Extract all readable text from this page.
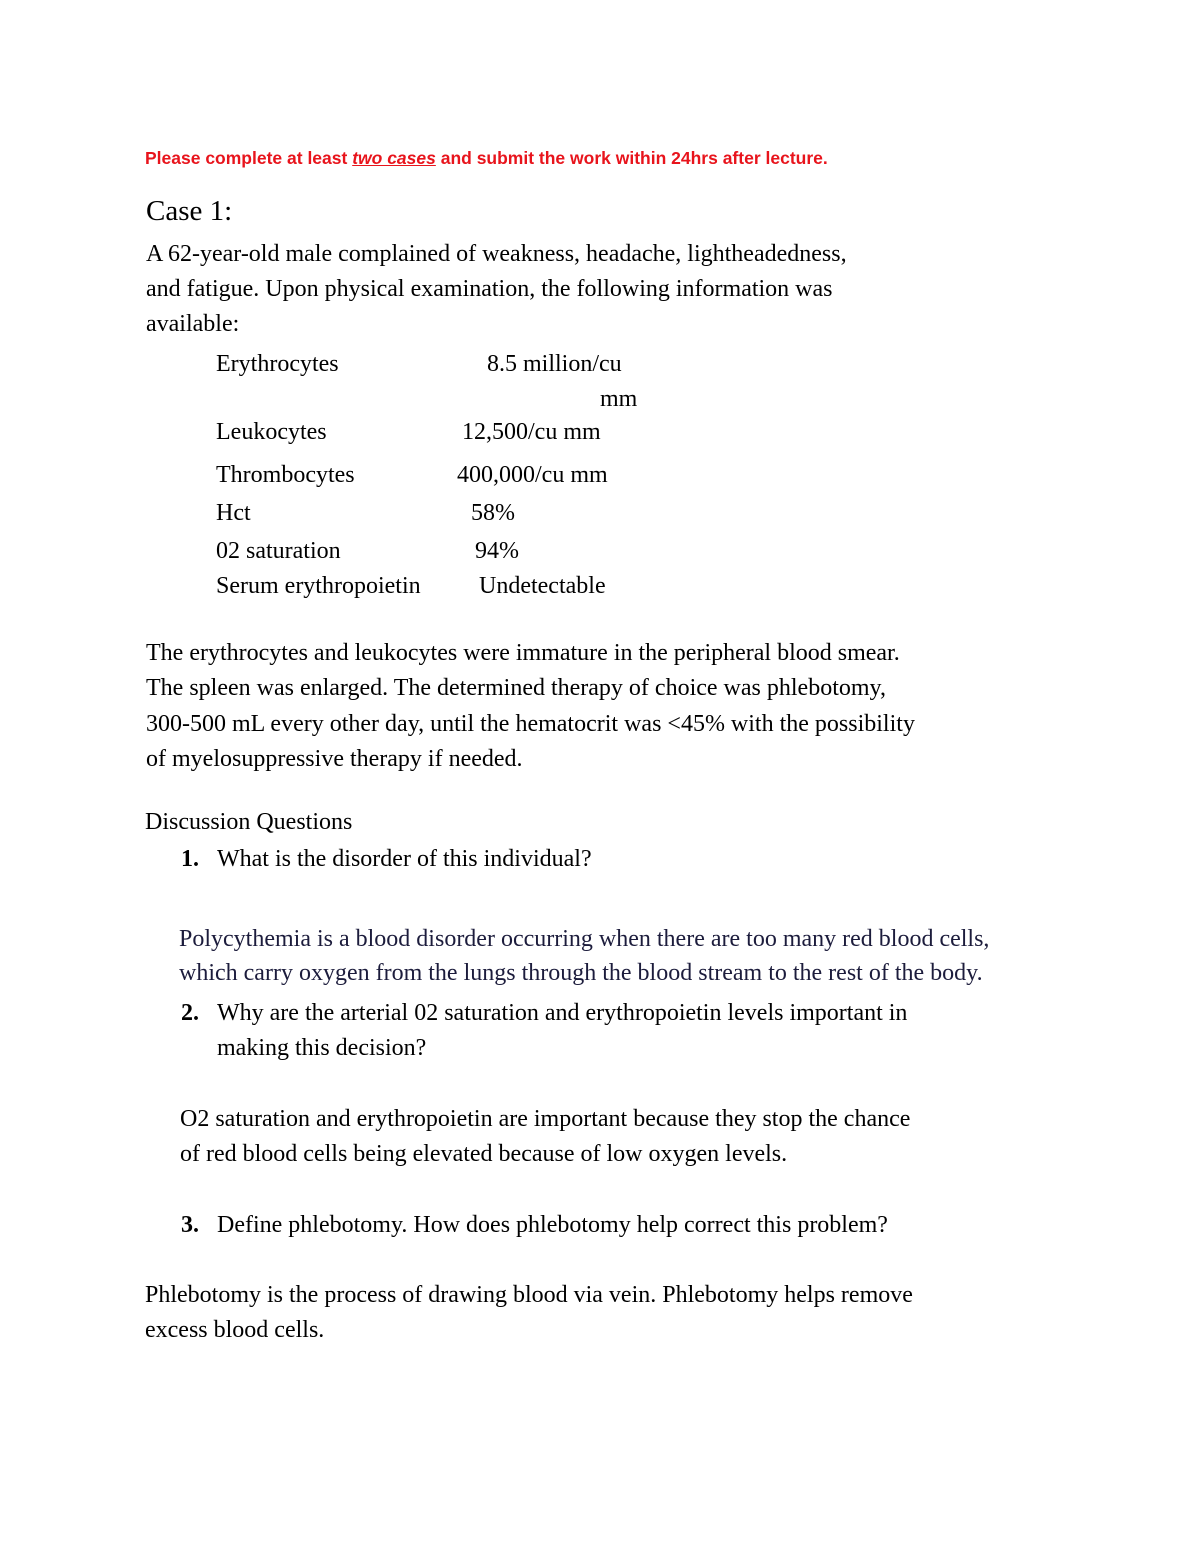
Please complete at least two cases and submit the work within 24hrs after lecture.
Case 1:
A 62-year-old male complained of weakness, headache, lightheadedness,
and fatigue. Upon physical examination, the following information was
available:
Erythrocytes	8.5 million/cu
mm
Leukocytes	12,500/cu mm
Thrombocytes	400,000/cu mm
Hct	58%
02 saturation	94%
Serum erythropoietin Undetectable
The erythrocytes and leukocytes were immature in the peripheral blood smear.
The spleen was enlarged. The determined therapy of choice was phlebotomy,
300-500 mL every other day, until the hematocrit was <45% with the possibility
of myelosuppressive therapy if needed.
Discussion Questions
1. What is the disorder of this individual?
Polycythemia is a blood disorder occurring when there are too many red blood cells,
which carry oxygen from the lungs through the blood stream to the rest of the body.
2. Why are the arterial 02 saturation and erythropoietin levels important in
making this decision?
O2 saturation and erythropoietin are important because they stop the chance
of red blood cells being elevated because of low oxygen levels.
3. Define phlebotomy. How does phlebotomy help correct this problem?
Phlebotomy is the process of drawing blood via vein. Phlebotomy helps remove
excess blood cells.
